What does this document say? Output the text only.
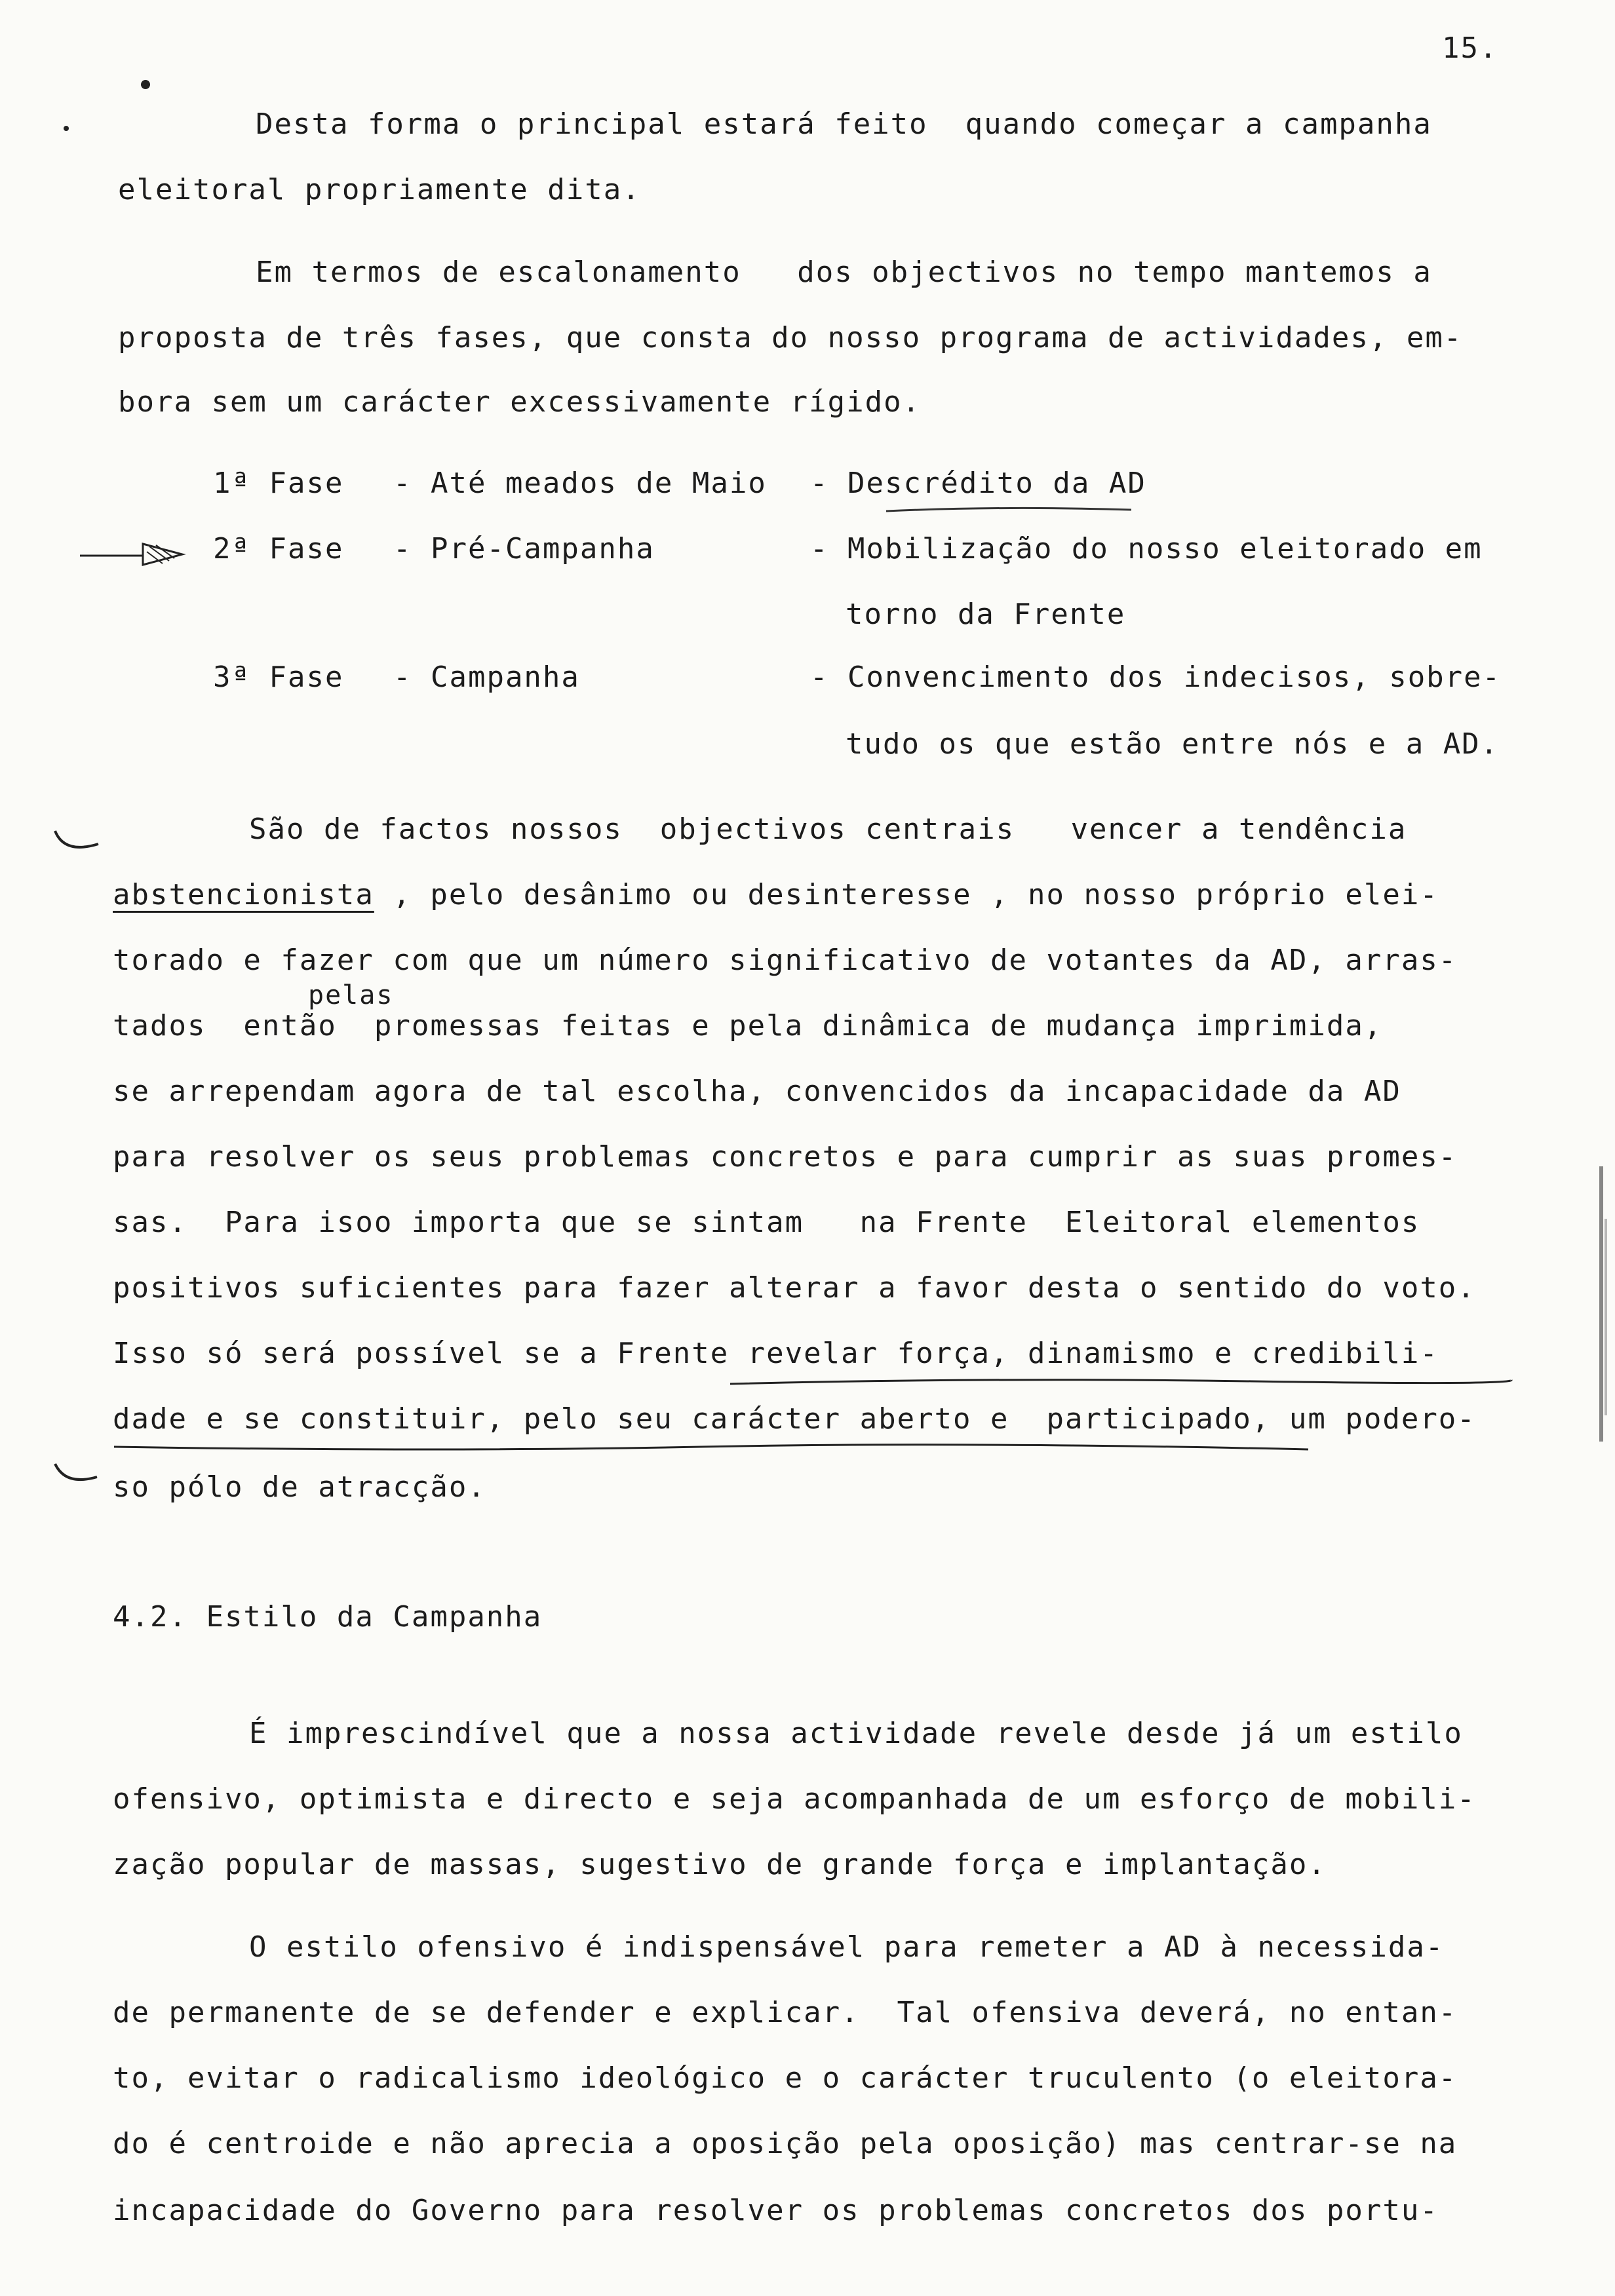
15.
Desta forma o principal estará feito  quando começar a campanha
eleitoral propriamente dita.
Em termos de escalonamento   dos objectivos no tempo mantemos a
proposta de três fases, que consta do nosso programa de actividades, em-
bora sem um carácter excessivamente rígido.
1ª Fase - Até meados de Maio - Descrédito da AD
2ª Fase - Pré-Campanha	- Mobilização do nosso eleitorado em
torno da Frente
3ª Fase - Campanha	- Convencimento dos indecisos, sobre-
tudo os que estão entre nós e a AD.
São de factos nossos  objectivos centrais   vencer a tendência
abstencionista , pelo desânimo ou desinteresse , no nosso próprio elei-
torado e fazer com que um número significativo de votantes da AD, arras-
pelas
tados  então  promessas feitas e pela dinâmica de mudança imprimida,
se arrependam agora de tal escolha, convencidos da incapacidade da AD
para resolver os seus problemas concretos e para cumprir as suas promes-
sas.  Para isoo importa que se sintam   na Frente  Eleitoral elementos
positivos suficientes para fazer alterar a favor desta o sentido do voto.
Isso só será possível se a Frente revelar força, dinamismo e credibili-
dade e se constituir, pelo seu carácter aberto e  participado, um podero-
so pólo de atracção.
4.2. Estilo da Campanha
É imprescindível que a nossa actividade revele desde já um estilo
ofensivo, optimista e directo e seja acompanhada de um esforço de mobili-
zação popular de massas, sugestivo de grande força e implantação.
O estilo ofensivo é indispensável para remeter a AD à necessida-
de permanente de se defender e explicar.  Tal ofensiva deverá, no entan-
to, evitar o radicalismo ideológico e o carácter truculento (o eleitora-
do é centroide e não aprecia a oposição pela oposição) mas centrar-se na
incapacidade do Governo para resolver os problemas concretos dos portu-
